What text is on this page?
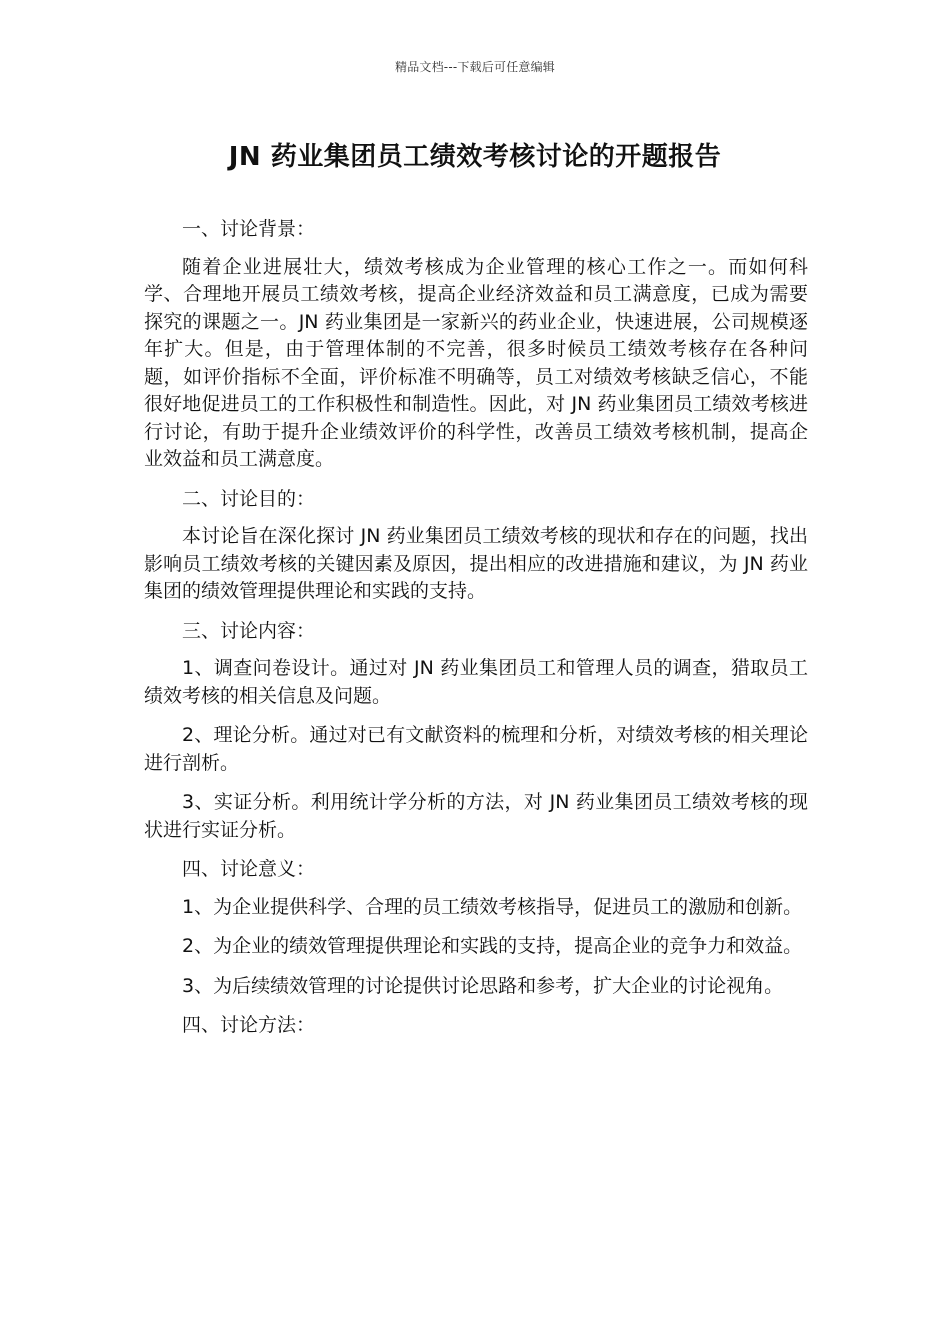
精品文档---下载后可任意编辑
JN 药业集团员工绩效考核讨论的开题报告

一、讨论背景：

随着企业进展壮大，绩效考核成为企业管理的核心工作之一。而如何科学、合理地开展员工绩效考核，提高企业经济效益和员工满意度，已成为需要探究的课题之一。JN 药业集团是一家新兴的药业企业，快速进展，公司规模逐年扩大。但是，由于管理体制的不完善，很多时候员工绩效考核存在各种问题，如评价指标不全面，评价标准不明确等，员工对绩效考核缺乏信心，不能很好地促进员工的工作积极性和制造性。因此，对 JN 药业集团员工绩效考核进行讨论，有助于提升企业绩效评价的科学性，改善员工绩效考核机制，提高企业效益和员工满意度。

二、讨论目的：

本讨论旨在深化探讨 JN 药业集团员工绩效考核的现状和存在的问题，找出影响员工绩效考核的关键因素及原因，提出相应的改进措施和建议，为 JN 药业集团的绩效管理提供理论和实践的支持。

三、讨论内容：

1、调查问卷设计。通过对 JN 药业集团员工和管理人员的调查，猎取员工绩效考核的相关信息及问题。

2、理论分析。通过对已有文献资料的梳理和分析，对绩效考核的相关理论进行剖析。

3、实证分析。利用统计学分析的方法，对 JN 药业集团员工绩效考核的现状进行实证分析。

四、讨论意义：

1、为企业提供科学、合理的员工绩效考核指导，促进员工的激励和创新。

2、为企业的绩效管理提供理论和实践的支持，提高企业的竞争力和效益。

3、为后续绩效管理的讨论提供讨论思路和参考，扩大企业的讨论视角。

四、讨论方法：
